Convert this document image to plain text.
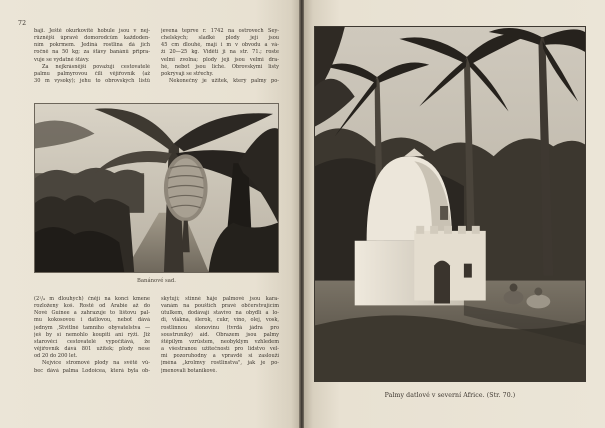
72
baji. Ještě okurkovité hobule jsou v nej-
různější úpravě domorodcům každoden-
ním pokrmem. Jediná rostlina dá jich
ročně na 50 kg; za šťávy banánů připra-
vuje se výdatné šťávy.
Za nejkrásnější považují cestovatelé
palmu palmyrovou čili vějířovník (až
30 m vysoký); jehu to obrovských listů
jevena teprve r. 1742 na ostrovech Sey-
chelských; sladké plody její jsou
45 cm dlouhé, mají i m v obvodu a vá-
ží 20—25 kg. Viděti ji na str. 71.; roste
velmi zvolna; plody její jsou velmi dra-
hé, neboť jsou liché. Obrovskými listy
pokrývají se střechy.
Nekonečný je užitek, který palmy po-
Banánové sad.
(2¹/₄ m dlouhých) čnějí na konci kmene
rozložený koš. Rostě od Arabie až do
Nové Guinee a zahrazuje to lištovu pal-
mu kokosovou i datlovou, neboť dává
jedným ,Stvitlné tamního obyvatelstva —
ješ by si nemohlo koupiti ani rýži. Již
starověcí cestovatelé vypočítává, že
vějířovník dává 801 užitek; plody nese
od 20 do 200 let.
Nejvíce stromové plody na světě vů-
bec dává palma Lodoicea, která byla ob-
skytují; stinné háje palmové jsou kara-
vanám na pouštích pravé občerstvujícím
útulkem, dodávají stavivo na obydlí a lo-
di, vlákna, šlerok, cukr, víno, olej, vosk,
rostlinnou slonovinu (tvrdá jádra pro
soustruníky) aid. Obrazem jsou palmy
štěpilým vzrůstem, neobyklým vzhledem
a všestranou užitečností pro lidstvo vel-
mi pozoruhodny a vpravdě si zaslouží
jména „krolmvy rostlinstva", jak je po-
jmenovali botanikové.
Palmy datlové v severní Africe. (Str. 70.)
